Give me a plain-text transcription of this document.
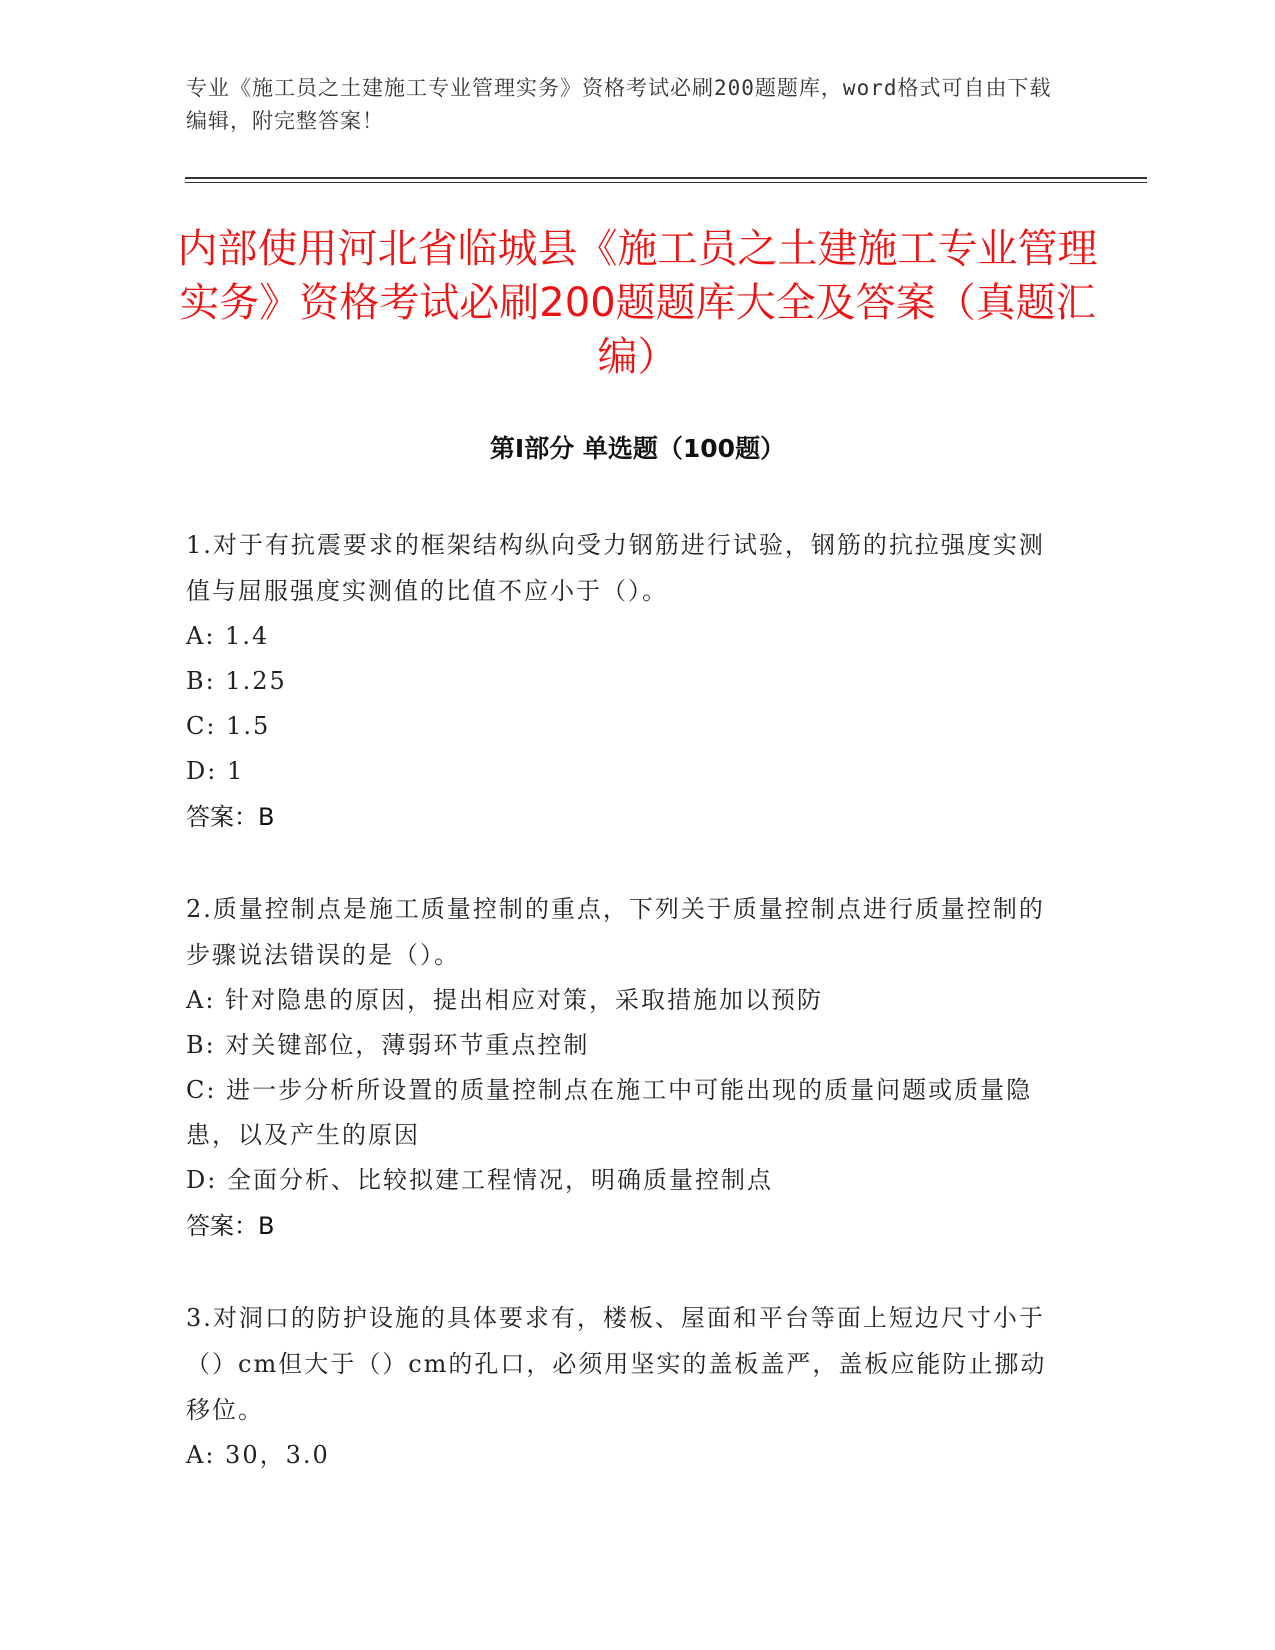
专业《施工员之土建施工专业管理实务》资格考试必刷200题题库，word格式可自由下载编辑，附完整答案！
内部使用河北省临城县《施工员之土建施工专业管理实务》资格考试必刷200题题库大全及答案（真题汇编）
第Ⅰ部分 单选题（100题）
1.对于有抗震要求的框架结构纵向受力钢筋进行试验，钢筋的抗拉强度实测值与屈服强度实测值的比值不应小于（）。
A: 1.4
B: 1.25
C: 1.5
D: 1
答案：B
2.质量控制点是施工质量控制的重点，下列关于质量控制点进行质量控制的步骤说法错误的是（）。
A: 针对隐患的原因，提出相应对策，采取措施加以预防
B: 对关键部位，薄弱环节重点控制
C: 进一步分析所设置的质量控制点在施工中可能出现的质量问题或质量隐患，以及产生的原因
D: 全面分析、比较拟建工程情况，明确质量控制点
答案：B
3.对洞口的防护设施的具体要求有，楼板、屋面和平台等面上短边尺寸小于（）cm但大于（）cm的孔口，必须用坚实的盖板盖严，盖板应能防止挪动移位。
A: 30，3.0
